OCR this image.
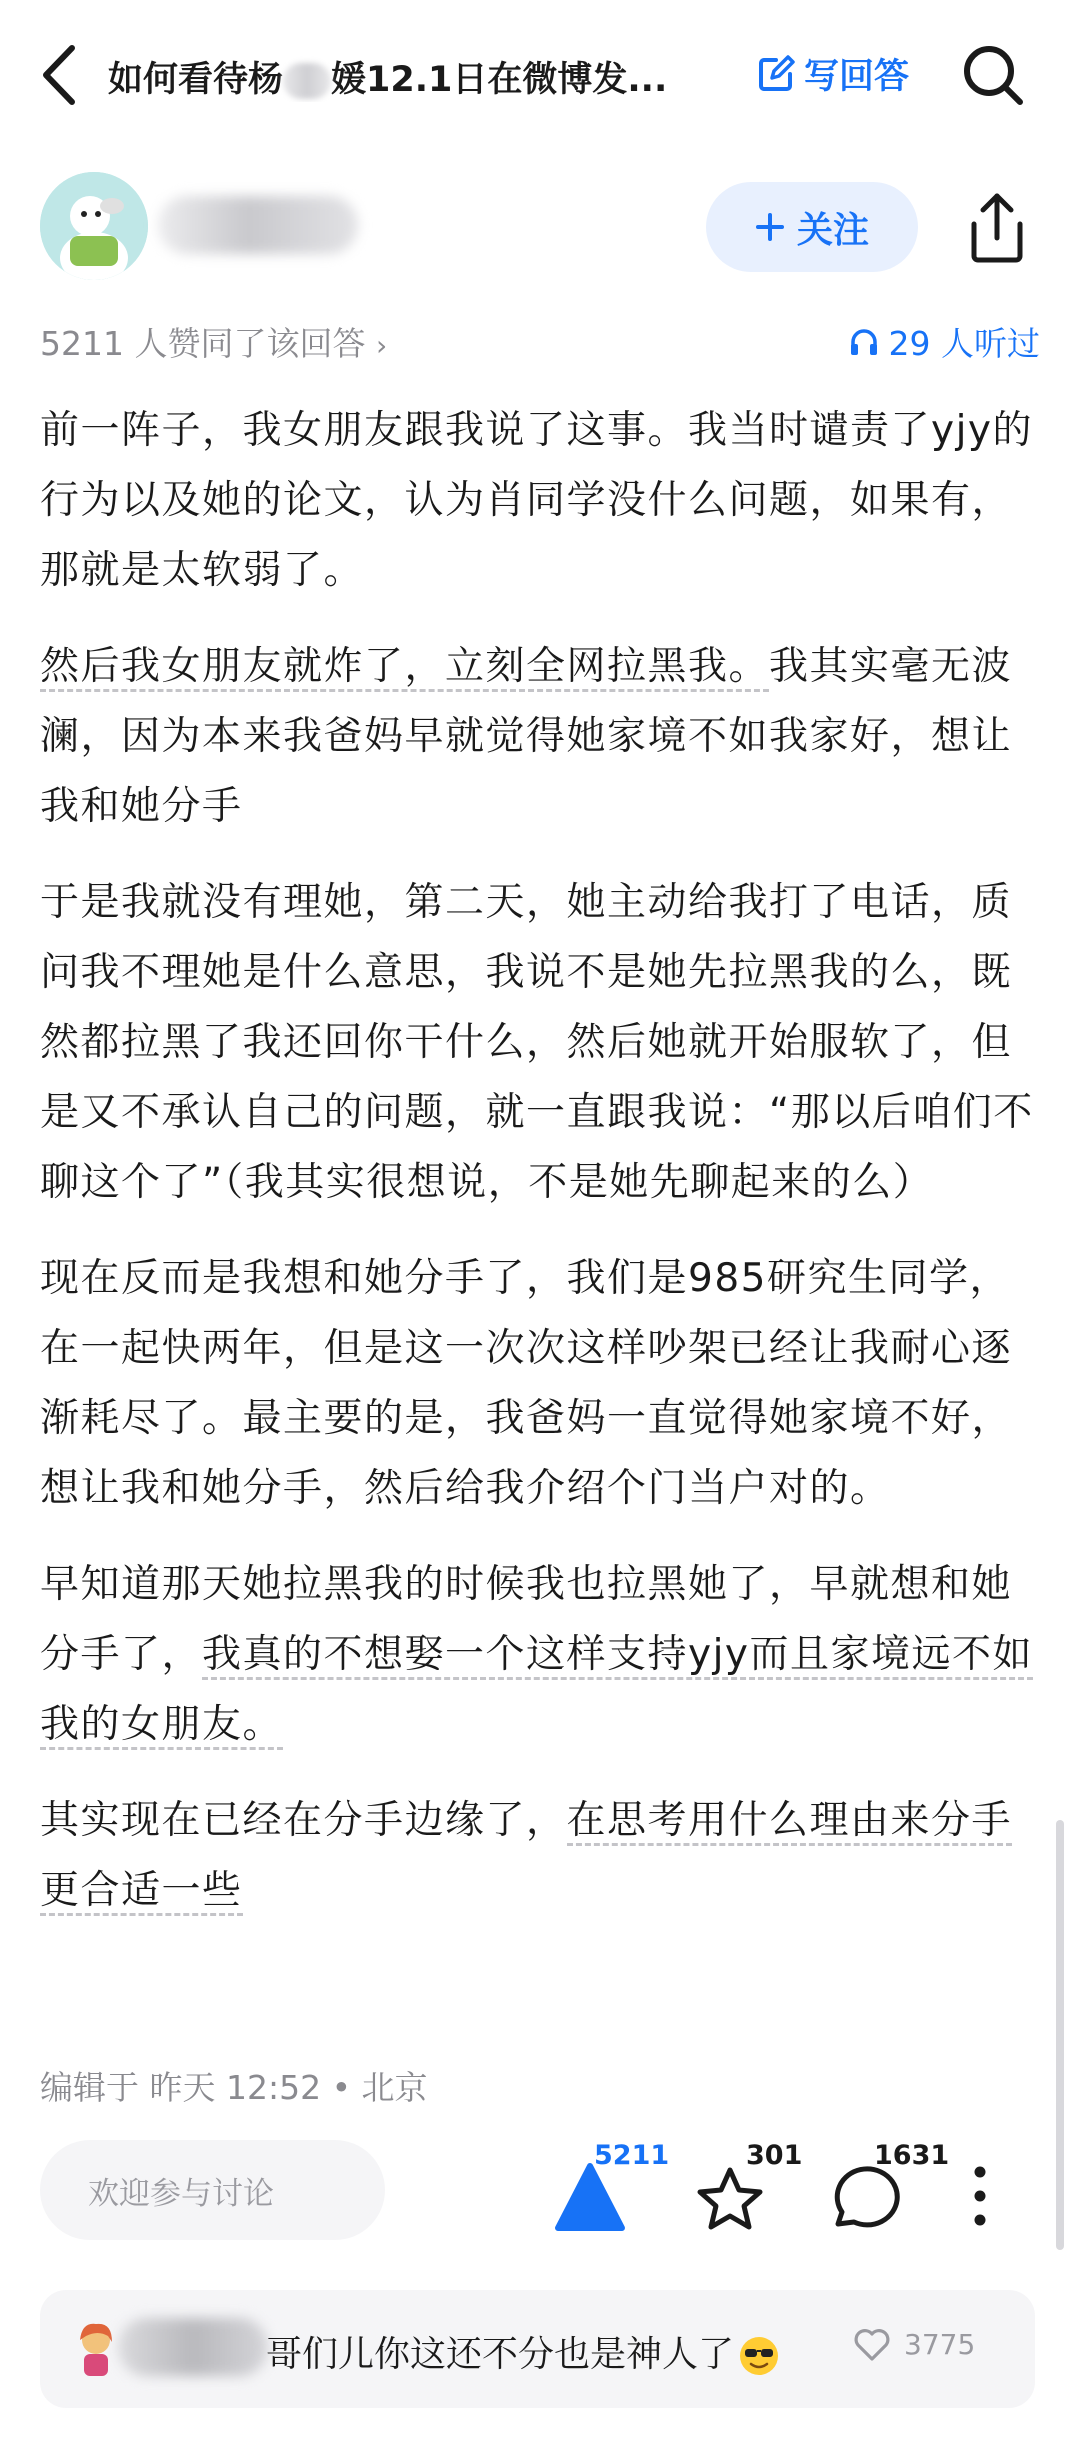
如何看待杨 媛12.1日在微博发...	写回答
关注
5211 人赞同了该回答 ›	29 人听过

前一阵子，我女朋友跟我说了这事。我当时谴责了yjy的行为以及她的论文，认为肖同学没什么问题，如果有，那就是太软弱了。

然后我女朋友就炸了，立刻全网拉黑我。我其实毫无波澜，因为本来我爸妈早就觉得她家境不如我家好，想让我和她分手

于是我就没有理她，第二天，她主动给我打了电话，质问我不理她是什么意思，我说不是她先拉黑我的么，既然都拉黑了我还回你干什么，然后她就开始服软了，但是又不承认自己的问题，就一直跟我说：“那以后咱们不聊这个了”（我其实很想说，不是她先聊起来的么）

现在反而是我想和她分手了，我们是985研究生同学，在一起快两年，但是这一次次这样吵架已经让我耐心逐渐耗尽了。最主要的是，我爸妈一直觉得她家境不好，想让我和她分手，然后给我介绍个门当户对的。

早知道那天她拉黑我的时候我也拉黑她了，早就想和她分手了，我真的不想娶一个这样支持yjy而且家境远不如我的女朋友。

其实现在已经在分手边缘了，在思考用什么理由来分手更合适一些

编辑于 昨天 12:52 • 北京
欢迎参与讨论
5211	301	1631
哥们儿你这还不分也是神人了	3775
